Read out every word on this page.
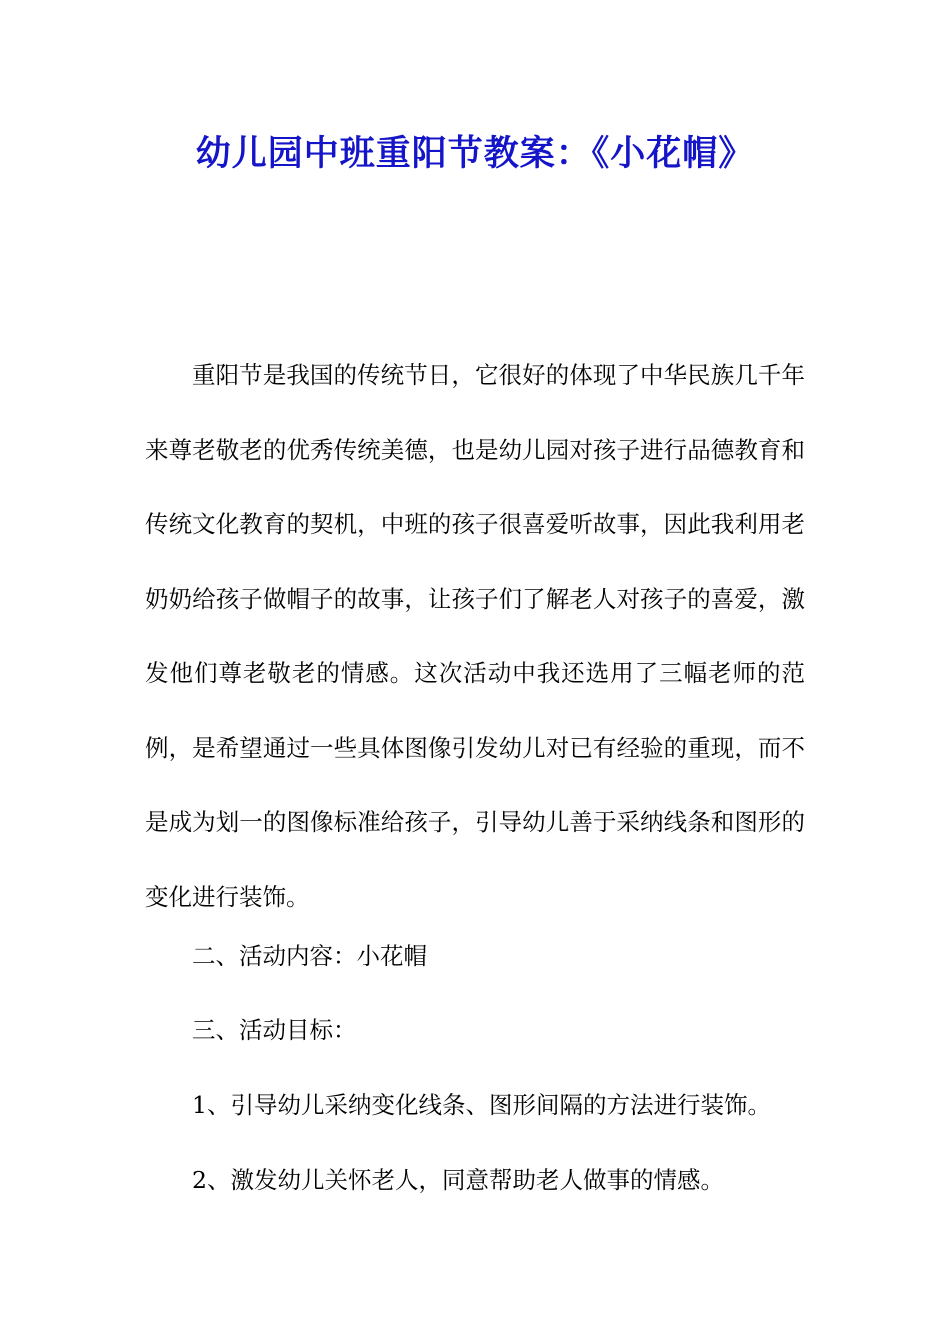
幼儿园中班重阳节教案：《小花帽》

重阳节是我国的传统节日，它很好的体现了中华民族几千年来尊老敬老的优秀传统美德，也是幼儿园对孩子进行品德教育和传统文化教育的契机，中班的孩子很喜爱听故事，因此我利用老奶奶给孩子做帽子的故事，让孩子们了解老人对孩子的喜爱，激发他们尊老敬老的情感。这次活动中我还选用了三幅老师的范例，是希望通过一些具体图像引发幼儿对已有经验的重现，而不是成为划一的图像标准给孩子，引导幼儿善于采纳线条和图形的变化进行装饰。

二、活动内容：小花帽

三、活动目标：

1、引导幼儿采纳变化线条、图形间隔的方法进行装饰。

2、激发幼儿关怀老人，同意帮助老人做事的情感。
